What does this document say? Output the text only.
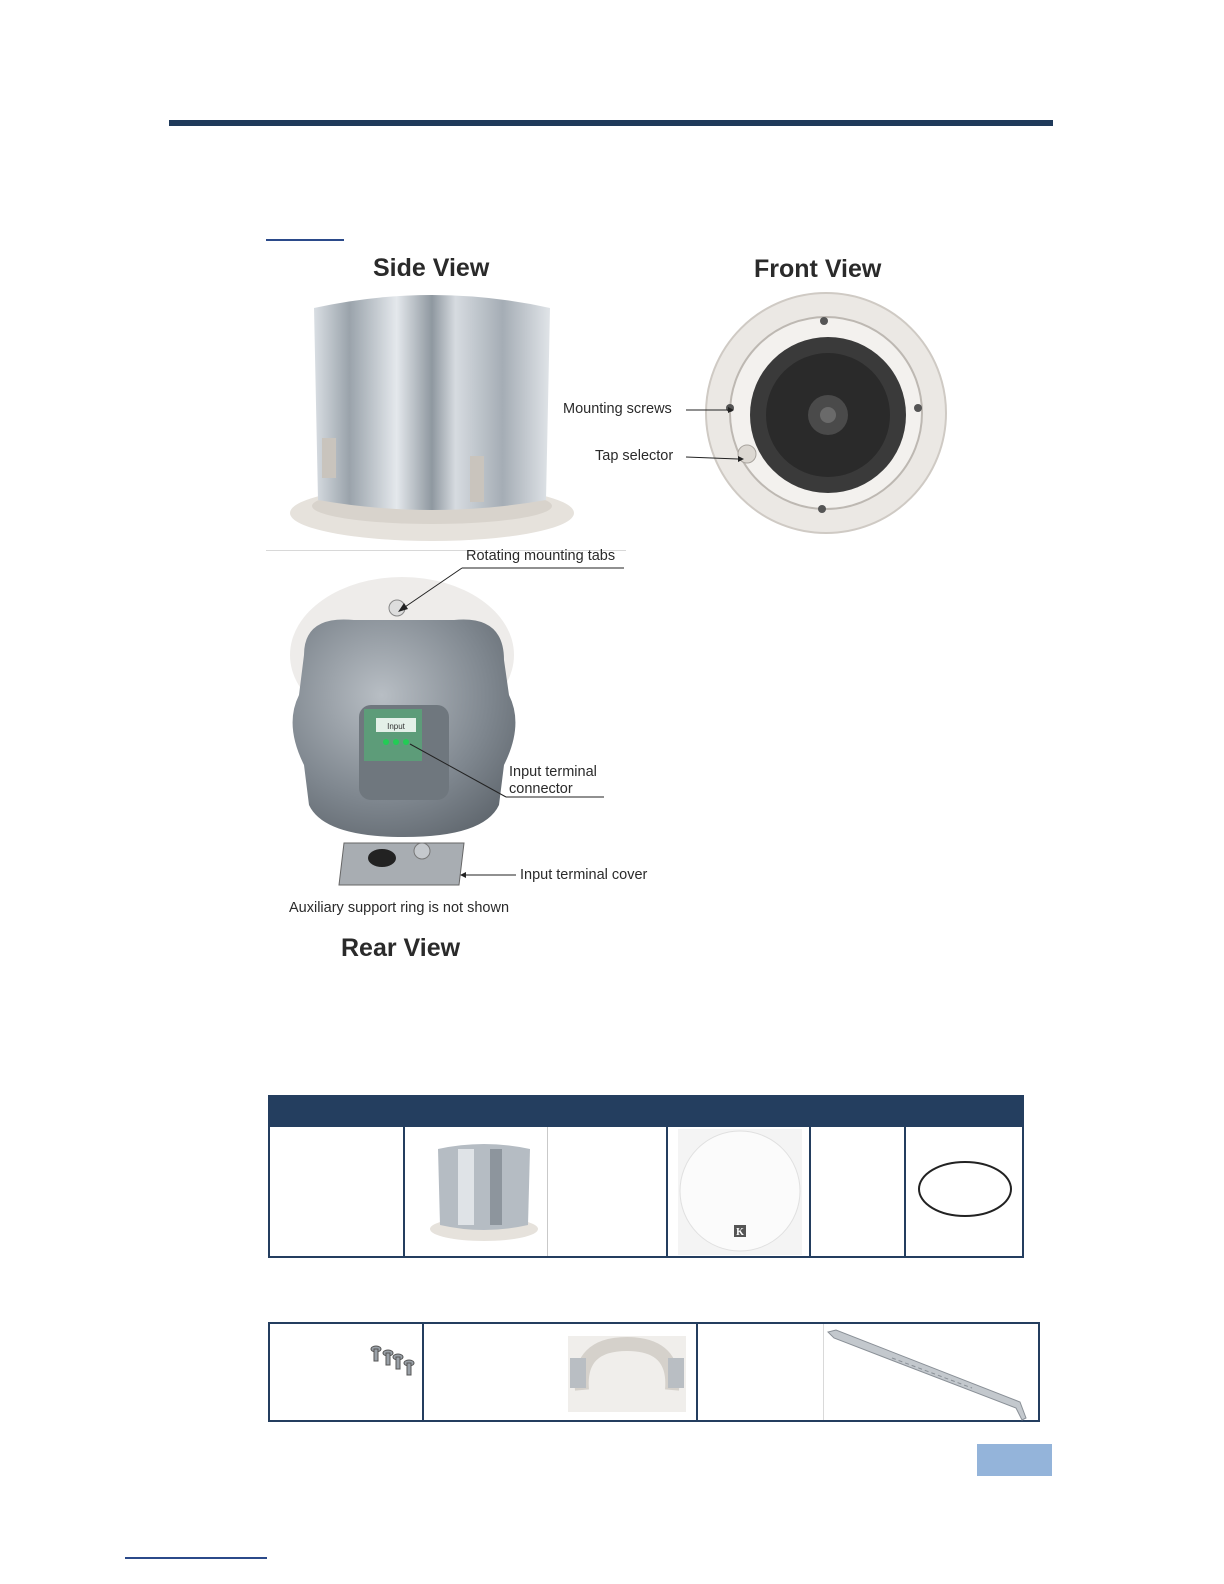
Side View	Front View
Rear View
Mounting screws
Tap selector
Input
Rotating mounting tabs
Input terminal
connector
Input terminal cover
Auxiliary support ring is not shown
K
